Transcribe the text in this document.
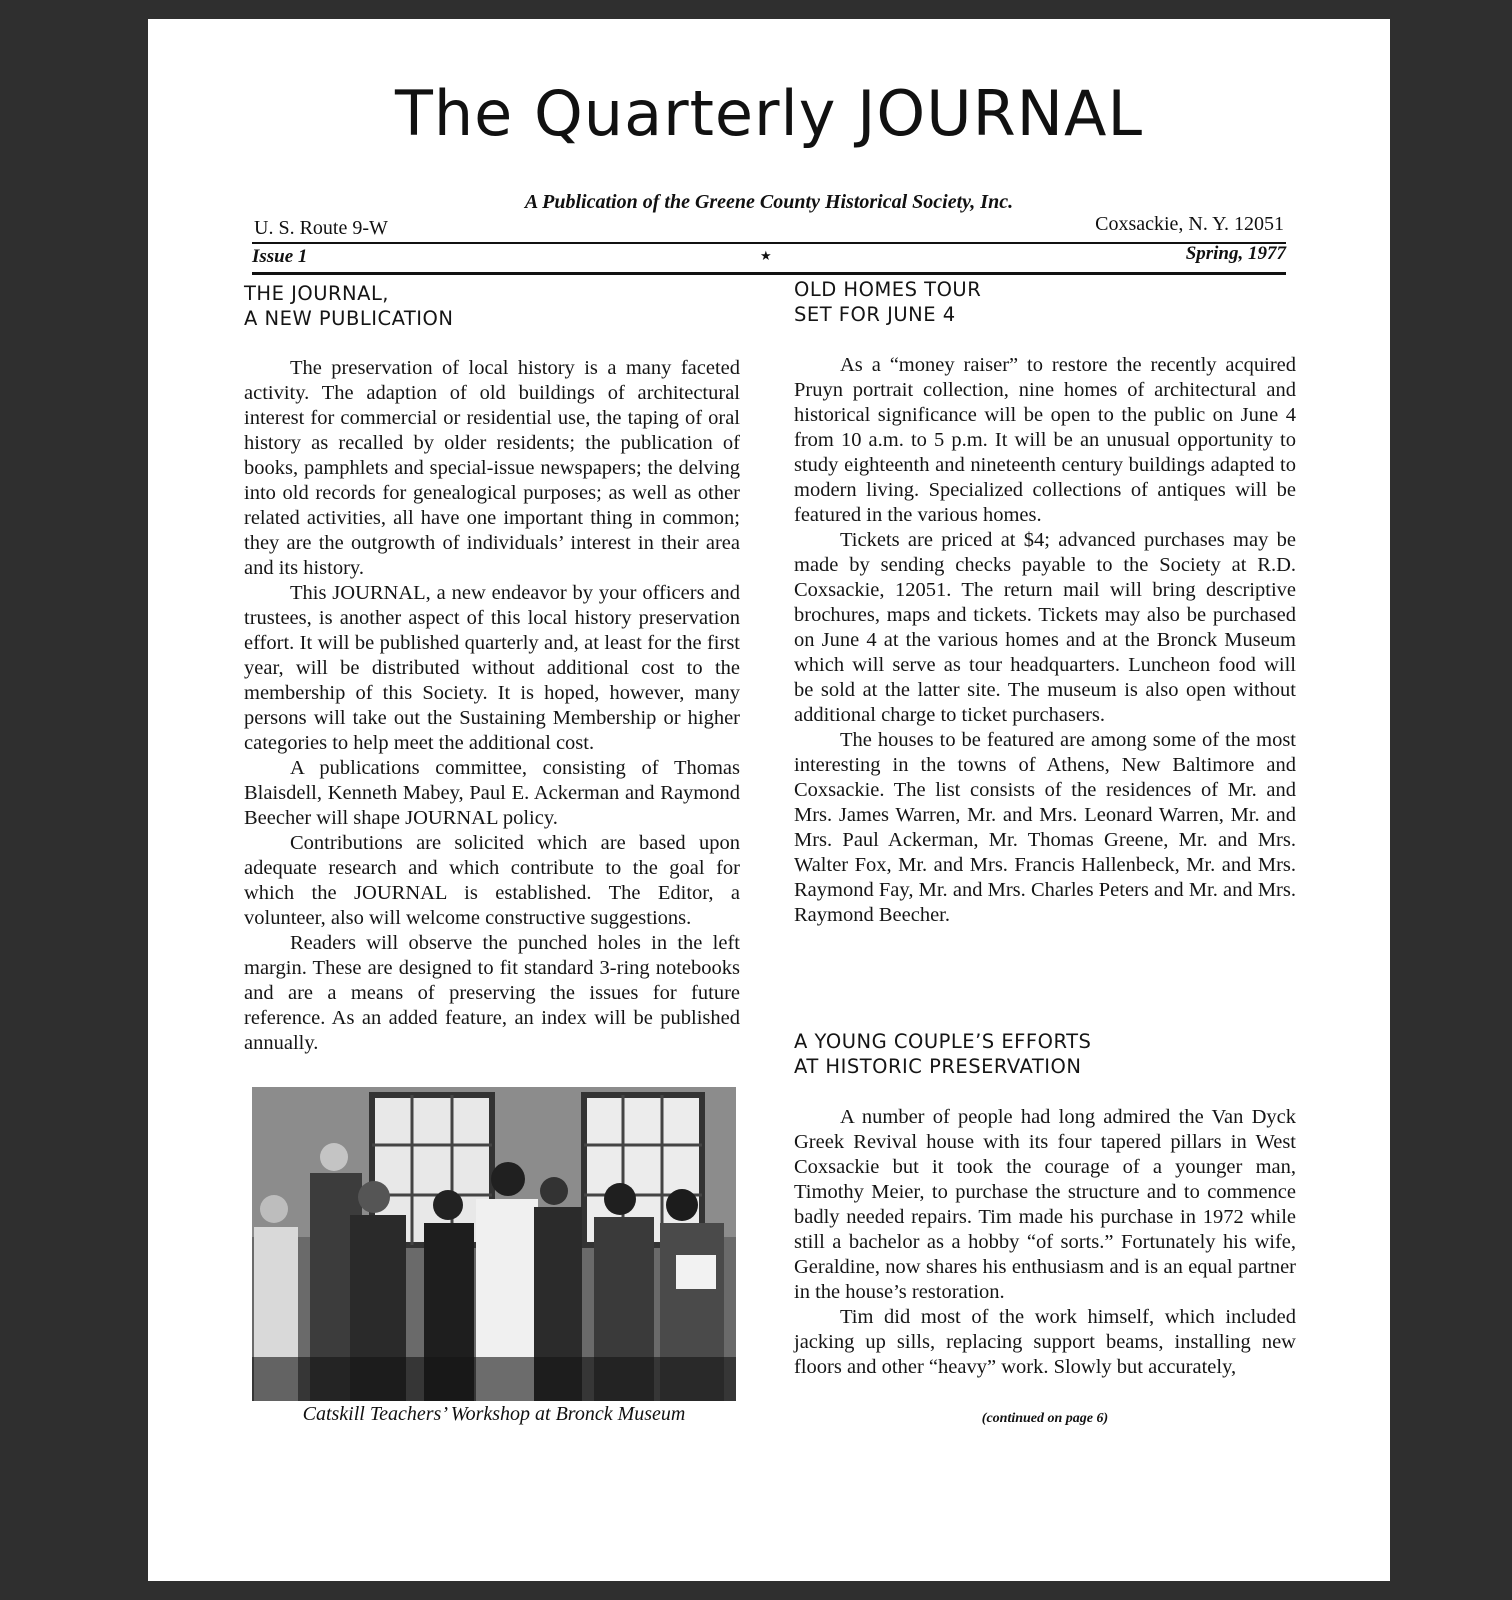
The Quarterly JOURNAL
A Publication of the Greene County Historical Society, Inc.
U. S. Route 9-W	Coxsackie, N. Y. 12051
Issue 1	★	Spring, 1977
THE JOURNAL,
A NEW PUBLICATION

The preservation of local history is a many faceted activity. The adaption of old buildings of architectural interest for commercial or residential use, the taping of oral history as recalled by older residents; the publication of books, pamphlets and special-issue newspapers; the delving into old records for genealogical purposes; as well as other related activities, all have one important thing in common; they are the outgrowth of individuals’ interest in their area and its history.

This JOURNAL, a new endeavor by your officers and trustees, is another aspect of this local history preservation effort. It will be published quarterly and, at least for the first year, will be distributed without additional cost to the membership of this Society. It is hoped, however, many persons will take out the Sustaining Membership or higher categories to help meet the additional cost.

A publications committee, consisting of Thomas Blaisdell, Kenneth Mabey, Paul E. Ackerman and Raymond Beecher will shape JOURNAL policy.

Contributions are solicited which are based upon adequate research and which contribute to the goal for which the JOURNAL is established. The Editor, a volunteer, also will welcome constructive suggestions.

Readers will observe the punched holes in the left margin. These are designed to fit standard 3-ring notebooks and are a means of preserving the issues for future reference. As an added feature, an index will be published annually.

Catskill Teachers’ Workshop at Bronck Museum
OLD HOMES TOUR
SET FOR JUNE 4

As a “money raiser” to restore the recently acquired Pruyn portrait collection, nine homes of architectural and historical significance will be open to the public on June 4 from 10 a.m. to 5 p.m. It will be an unusual opportunity to study eighteenth and nineteenth century buildings adapted to modern living. Specialized collections of antiques will be featured in the various homes.

Tickets are priced at $4; advanced purchases may be made by sending checks payable to the Society at R.D. Coxsackie, 12051. The return mail will bring descriptive brochures, maps and tickets. Tickets may also be purchased on June 4 at the various homes and at the Bronck Museum which will serve as tour headquarters. Luncheon food will be sold at the latter site. The museum is also open without additional charge to ticket purchasers.

The houses to be featured are among some of the most interesting in the towns of Athens, New Baltimore and Coxsackie. The list consists of the residences of Mr. and Mrs. James Warren, Mr. and Mrs. Leonard Warren, Mr. and Mrs. Paul Ackerman, Mr. Thomas Greene, Mr. and Mrs. Walter Fox, Mr. and Mrs. Francis Hallenbeck, Mr. and Mrs. Raymond Fay, Mr. and Mrs. Charles Peters and Mr. and Mrs. Raymond Beecher.

A YOUNG COUPLE’S EFFORTS
AT HISTORIC PRESERVATION

A number of people had long admired the Van Dyck Greek Revival house with its four tapered pillars in West Coxsackie but it took the courage of a younger man, Timothy Meier, to purchase the structure and to commence badly needed repairs. Tim made his purchase in 1972 while still a bachelor as a hobby “of sorts.” Fortunately his wife, Geraldine, now shares his enthusiasm and is an equal partner in the house’s restoration.

Tim did most of the work himself, which included jacking up sills, replacing support beams, installing new floors and other “heavy” work. Slowly but accurately,

(continued on page 6)
